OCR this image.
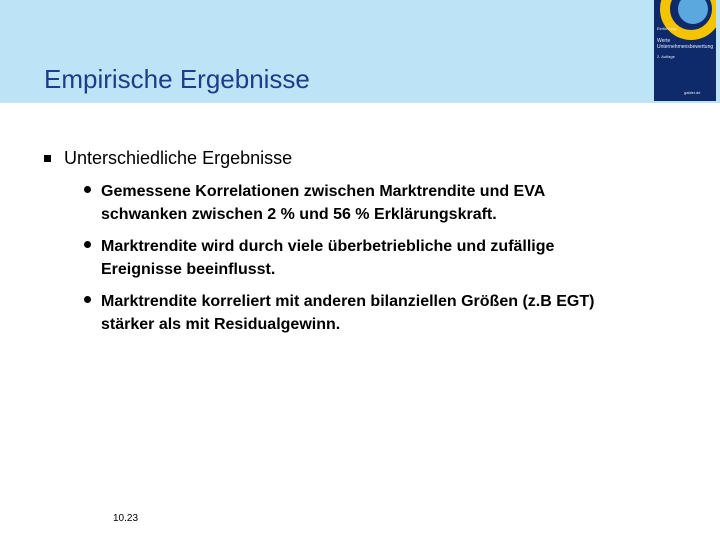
Empirische Ergebnisse
Einführung
Werte
Unternehmensbewertung
2. Auflage
gabler.de
Unterschiedliche Ergebnisse
Gemessene Korrelationen zwischen Marktrendite und EVA
schwanken zwischen 2 % und 56 % Erklärungskraft.
Marktrendite wird durch viele überbetriebliche und zufällige
Ereignisse beeinflusst.
Marktrendite korreliert mit anderen bilanziellen Größen (z.B EGT)
stärker als mit Residualgewinn.
10.23
